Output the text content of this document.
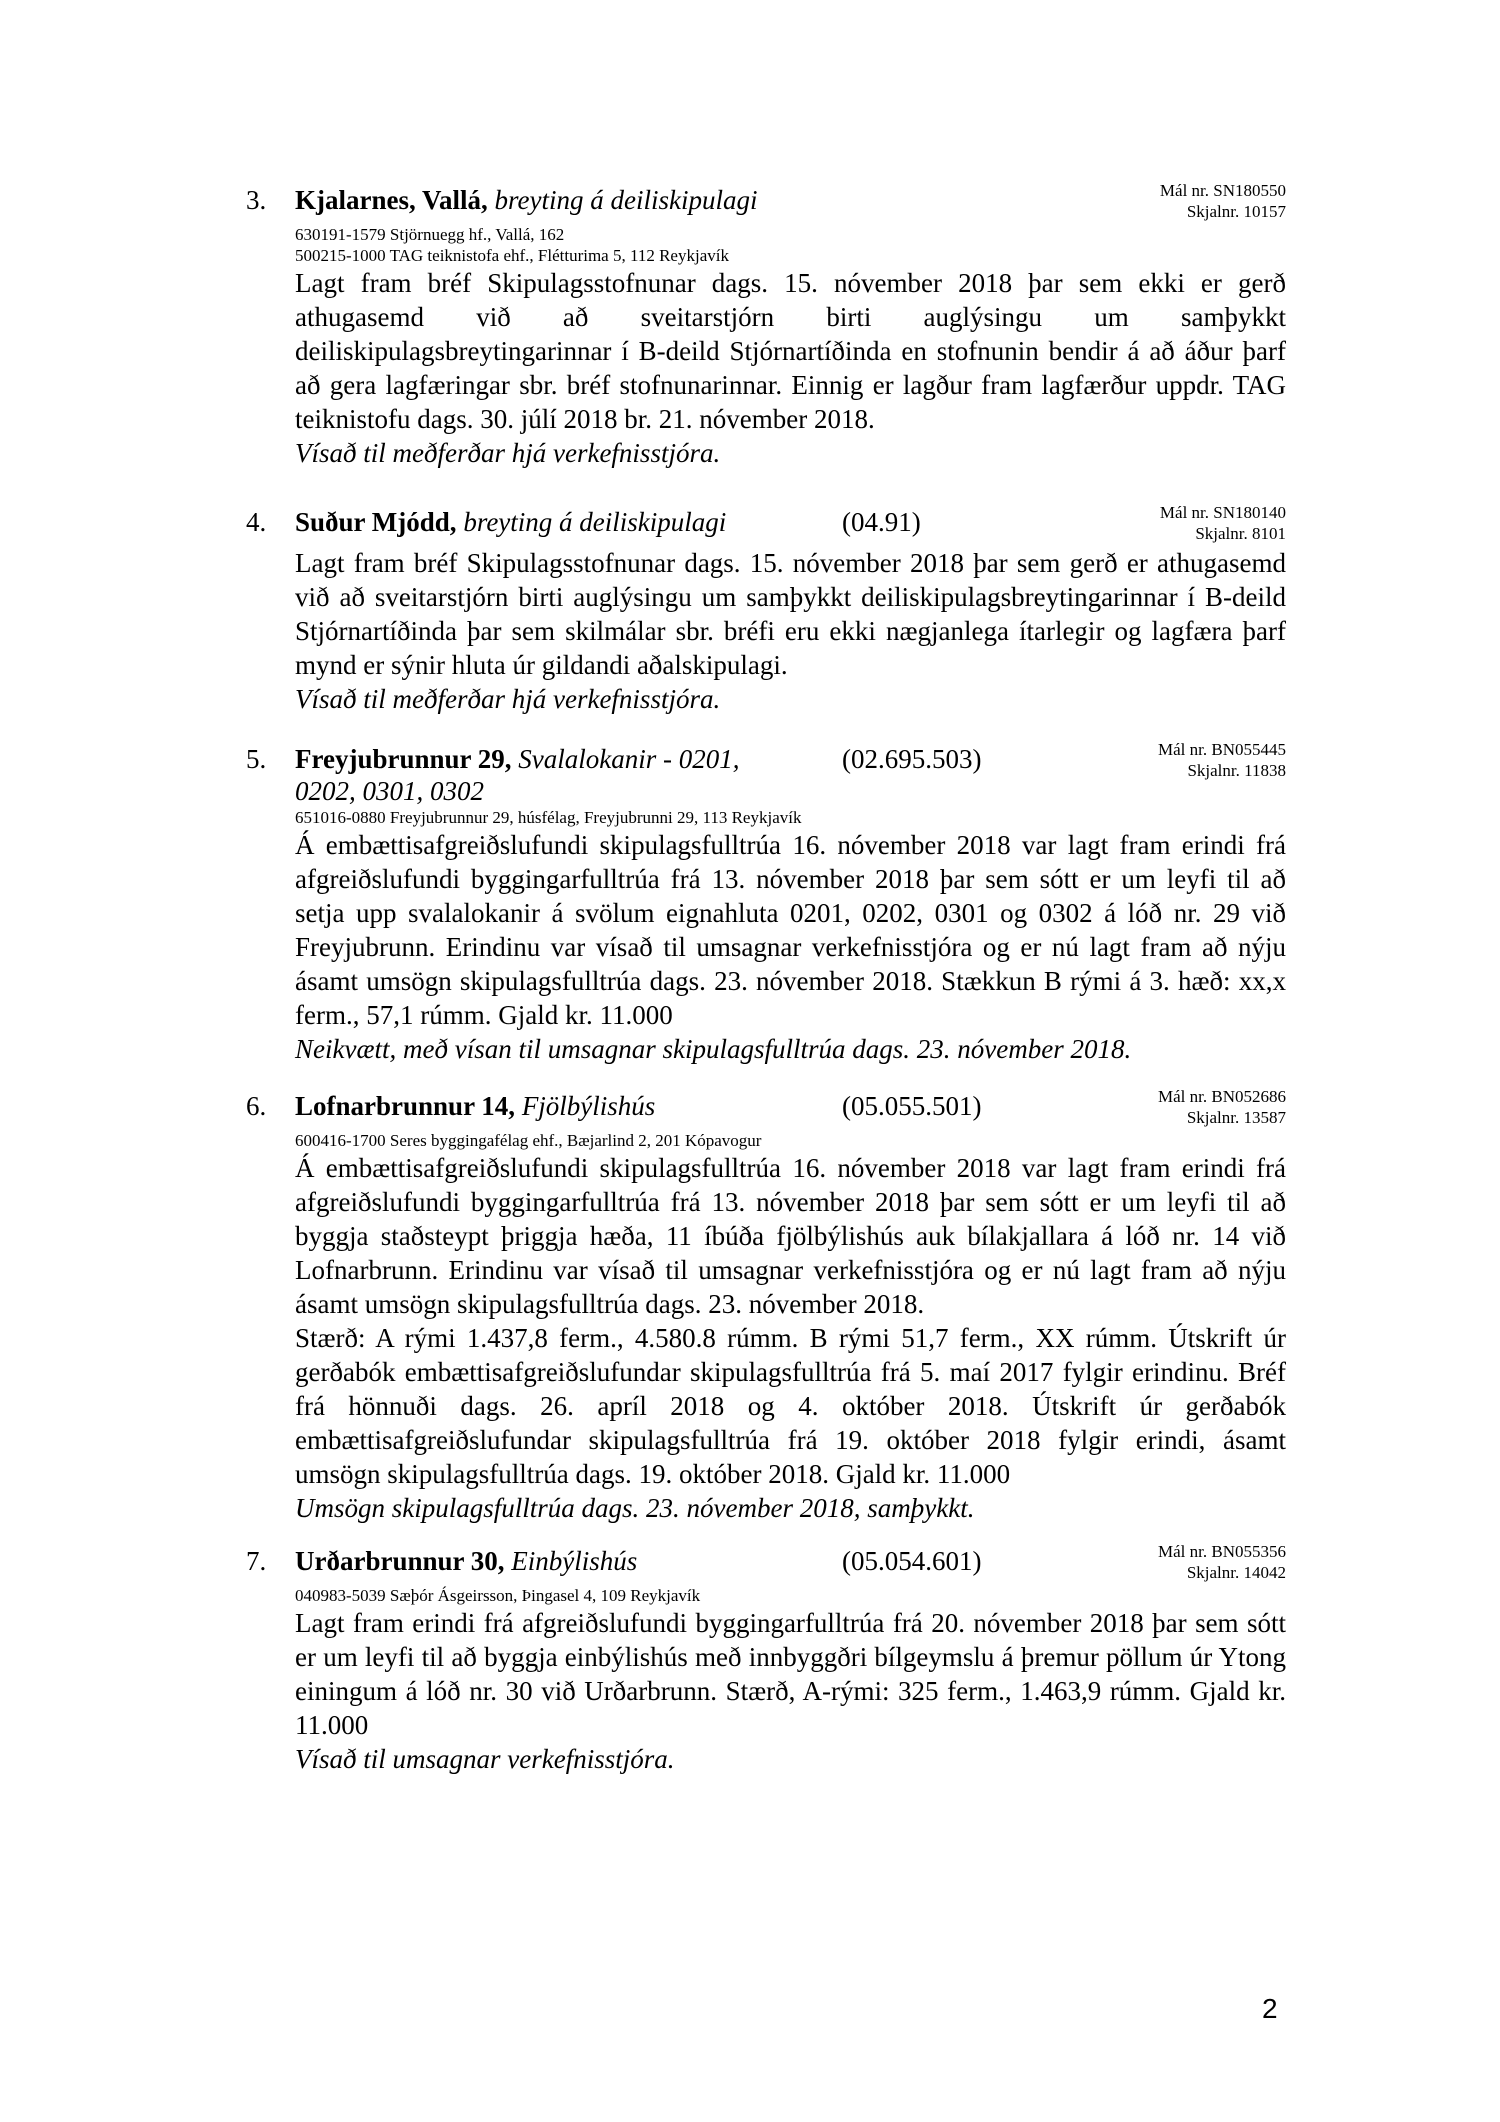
3. Kjalarnes, Vallá, breyting á deiliskipulagi	Mál nr. SN180550
Skjalnr. 10157
630191-1579 Stjörnuegg hf., Vallá, 162
500215-1000 TAG teiknistofa ehf., Flétturima 5, 112 Reykjavík

Lagt fram bréf Skipulagsstofnunar dags. 15. nóvember 2018 þar sem ekki er gerð athugasemd við að sveitarstjórn birti auglýsingu um samþykkt deiliskipulagsbreytingarinnar í B-deild Stjórnartíðinda en stofnunin bendir á að áður þarf að gera lagfæringar sbr. bréf stofnunarinnar. Einnig er lagður fram lagfærður uppdr. TAG teiknistofu dags. 30. júlí 2018 br. 21. nóvember 2018.

Vísað til meðferðar hjá verkefnisstjóra.
4. Suður Mjódd, breyting á deiliskipulagi	(04.91)	Mál nr. SN180140
Skjalnr. 8101

Lagt fram bréf Skipulagsstofnunar dags. 15. nóvember 2018 þar sem gerð er athugasemd við að sveitarstjórn birti auglýsingu um samþykkt deiliskipulagsbreytingarinnar í B-deild Stjórnartíðinda þar sem skilmálar sbr. bréfi eru ekki nægjanlega ítarlegir og lagfæra þarf mynd er sýnir hluta úr gildandi aðalskipulagi.

Vísað til meðferðar hjá verkefnisstjóra.
5. Freyjubrunnur 29, Svalalokanir - 0201, 0202, 0301, 0302
(02.695.503)	Mál nr. BN055445
Skjalnr. 11838
651016-0880 Freyjubrunnur 29, húsfélag, Freyjubrunni 29, 113 Reykjavík

Á embættisafgreiðslufundi skipulagsfulltrúa 16. nóvember 2018 var lagt fram erindi frá afgreiðslufundi byggingarfulltrúa frá 13. nóvember 2018 þar sem sótt er um leyfi til að setja upp svalalokanir á svölum eignahluta 0201, 0202, 0301 og 0302 á lóð nr. 29 við Freyjubrunn. Erindinu var vísað til umsagnar verkefnisstjóra og er nú lagt fram að nýju ásamt umsögn skipulagsfulltrúa dags. 23. nóvember 2018. Stækkun B rými á 3. hæð: xx,x ferm., 57,1 rúmm. Gjald kr. 11.000

Neikvætt, með vísan til umsagnar skipulagsfulltrúa dags. 23. nóvember 2018.
6. Lofnarbrunnur 14, Fjölbýlishús	(05.055.501)	Mál nr. BN052686
Skjalnr. 13587
600416-1700 Seres byggingafélag ehf., Bæjarlind 2, 201 Kópavogur

Á embættisafgreiðslufundi skipulagsfulltrúa 16. nóvember 2018 var lagt fram erindi frá afgreiðslufundi byggingarfulltrúa frá 13. nóvember 2018 þar sem sótt er um leyfi til að byggja staðsteypt þriggja hæða, 11 íbúða fjölbýlishús auk bílakjallara á lóð nr. 14 við Lofnarbrunn. Erindinu var vísað til umsagnar verkefnisstjóra og er nú lagt fram að nýju ásamt umsögn skipulagsfulltrúa dags. 23. nóvember 2018.

Stærð: A rými 1.437,8 ferm., 4.580.8 rúmm. B rými 51,7 ferm., XX rúmm. Útskrift úr gerðabók embættisafgreiðslufundar skipulagsfulltrúa frá 5. maí 2017 fylgir erindinu. Bréf frá hönnuði dags. 26. apríl 2018 og 4. október 2018. Útskrift úr gerðabók embættisafgreiðslufundar skipulagsfulltrúa frá 19. október 2018 fylgir erindi, ásamt umsögn skipulagsfulltrúa dags. 19. október 2018. Gjald kr. 11.000

Umsögn skipulagsfulltrúa dags. 23. nóvember 2018, samþykkt.
7. Urðarbrunnur 30, Einbýlishús	(05.054.601)	Mál nr. BN055356
Skjalnr. 14042
040983-5039 Sæþór Ásgeirsson, Þingasel 4, 109 Reykjavík

Lagt fram erindi frá afgreiðslufundi byggingarfulltrúa frá 20. nóvember 2018 þar sem sótt er um leyfi til að byggja einbýlishús með innbyggðri bílgeymslu á þremur pöllum úr Ytong einingum á lóð nr. 30 við Urðarbrunn. Stærð, A-rými: 325 ferm., 1.463,9 rúmm. Gjald kr. 11.000

Vísað til umsagnar verkefnisstjóra.
2
